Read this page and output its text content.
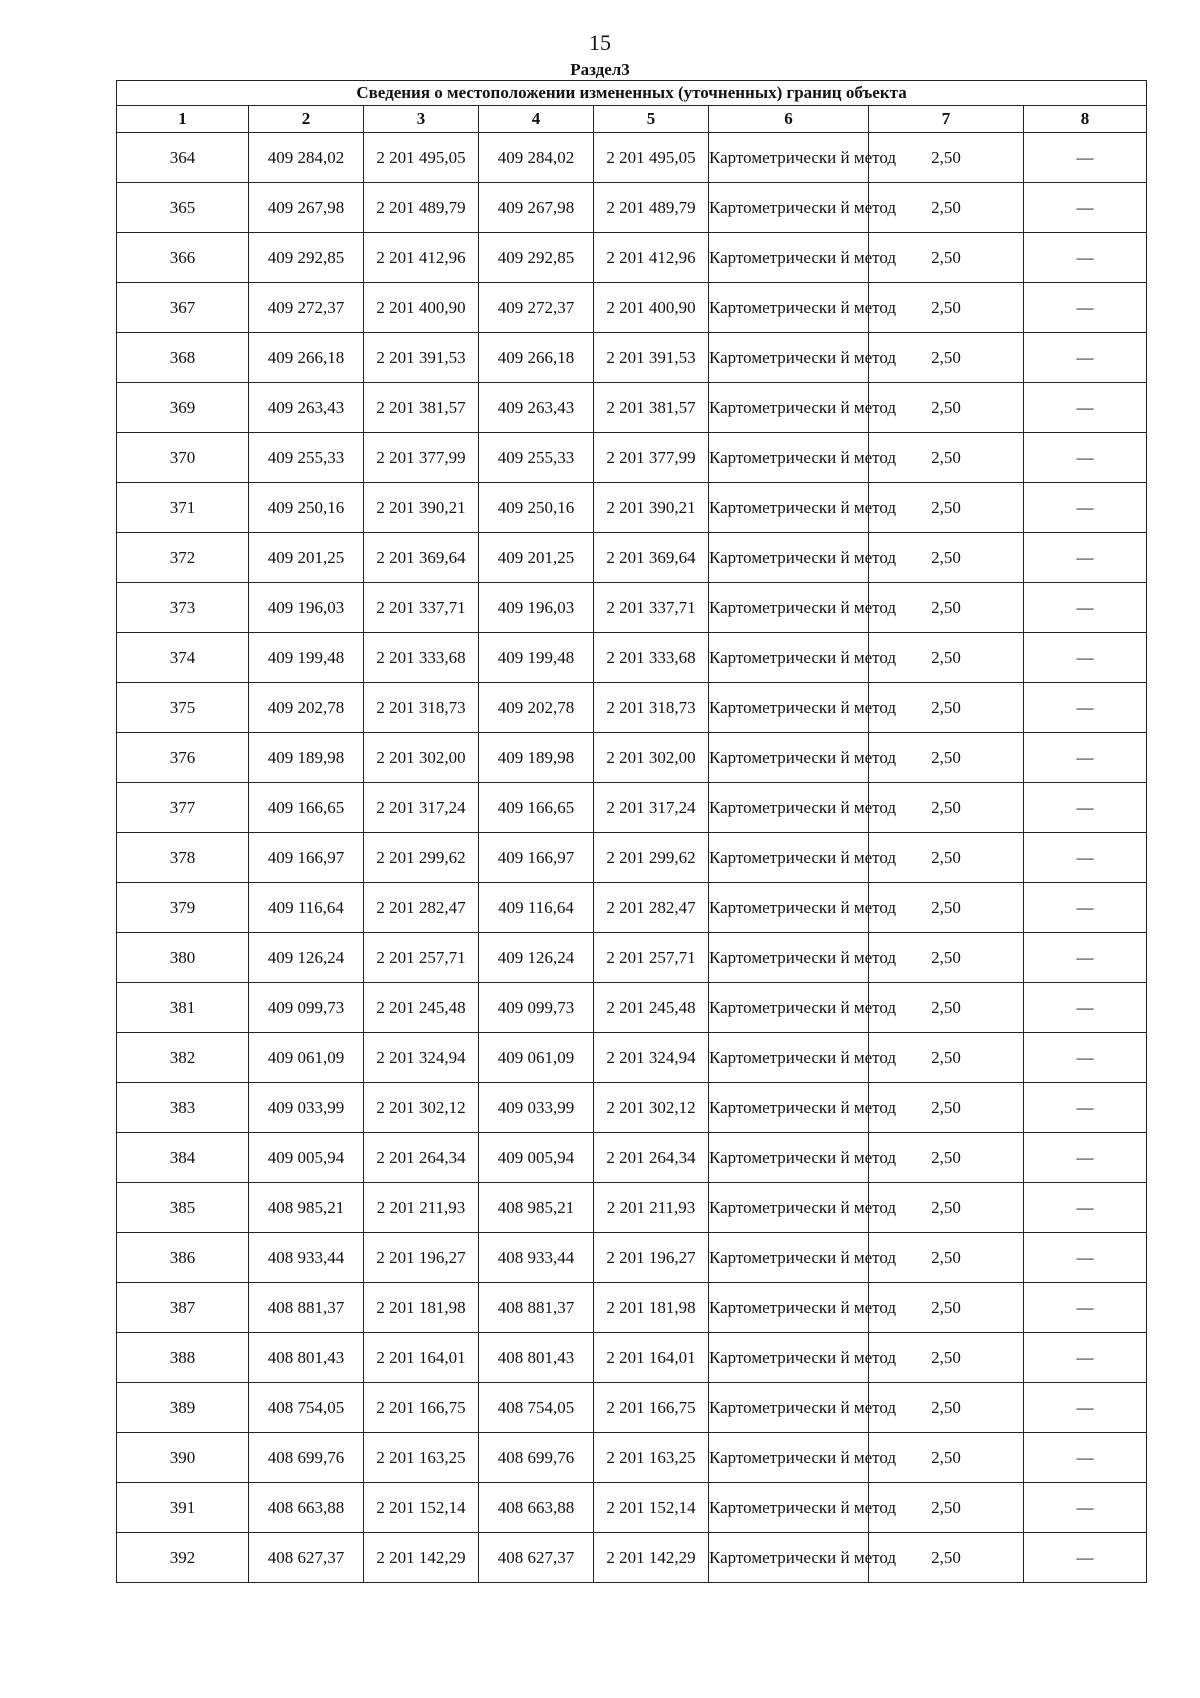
15
Раздел3
Сведения о местоположении измененных (уточненных) границ объекта							
1	2	3	4	5	6	7	8
364	409 284,02	2 201 495,05	409 284,02	2 201 495,05	Картометрически й метод	2,50	—
365	409 267,98	2 201 489,79	409 267,98	2 201 489,79	Картометрически й метод	2,50	—
366	409 292,85	2 201 412,96	409 292,85	2 201 412,96	Картометрически й метод	2,50	—
367	409 272,37	2 201 400,90	409 272,37	2 201 400,90	Картометрически й метод	2,50	—
368	409 266,18	2 201 391,53	409 266,18	2 201 391,53	Картометрически й метод	2,50	—
369	409 263,43	2 201 381,57	409 263,43	2 201 381,57	Картометрически й метод	2,50	—
370	409 255,33	2 201 377,99	409 255,33	2 201 377,99	Картометрически й метод	2,50	—
371	409 250,16	2 201 390,21	409 250,16	2 201 390,21	Картометрически й метод	2,50	—
372	409 201,25	2 201 369,64	409 201,25	2 201 369,64	Картометрически й метод	2,50	—
373	409 196,03	2 201 337,71	409 196,03	2 201 337,71	Картометрически й метод	2,50	—
374	409 199,48	2 201 333,68	409 199,48	2 201 333,68	Картометрически й метод	2,50	—
375	409 202,78	2 201 318,73	409 202,78	2 201 318,73	Картометрически й метод	2,50	—
376	409 189,98	2 201 302,00	409 189,98	2 201 302,00	Картометрически й метод	2,50	—
377	409 166,65	2 201 317,24	409 166,65	2 201 317,24	Картометрически й метод	2,50	—
378	409 166,97	2 201 299,62	409 166,97	2 201 299,62	Картометрически й метод	2,50	—
379	409 116,64	2 201 282,47	409 116,64	2 201 282,47	Картометрически й метод	2,50	—
380	409 126,24	2 201 257,71	409 126,24	2 201 257,71	Картометрически й метод	2,50	—
381	409 099,73	2 201 245,48	409 099,73	2 201 245,48	Картометрически й метод	2,50	—
382	409 061,09	2 201 324,94	409 061,09	2 201 324,94	Картометрически й метод	2,50	—
383	409 033,99	2 201 302,12	409 033,99	2 201 302,12	Картометрически й метод	2,50	—
384	409 005,94	2 201 264,34	409 005,94	2 201 264,34	Картометрически й метод	2,50	—
385	408 985,21	2 201 211,93	408 985,21	2 201 211,93	Картометрически й метод	2,50	—
386	408 933,44	2 201 196,27	408 933,44	2 201 196,27	Картометрически й метод	2,50	—
387	408 881,37	2 201 181,98	408 881,37	2 201 181,98	Картометрически й метод	2,50	—
388	408 801,43	2 201 164,01	408 801,43	2 201 164,01	Картометрически й метод	2,50	—
389	408 754,05	2 201 166,75	408 754,05	2 201 166,75	Картометрически й метод	2,50	—
390	408 699,76	2 201 163,25	408 699,76	2 201 163,25	Картометрически й метод	2,50	—
391	408 663,88	2 201 152,14	408 663,88	2 201 152,14	Картометрически й метод	2,50	—
392	408 627,37	2 201 142,29	408 627,37	2 201 142,29	Картометрически й метод	2,50	—
